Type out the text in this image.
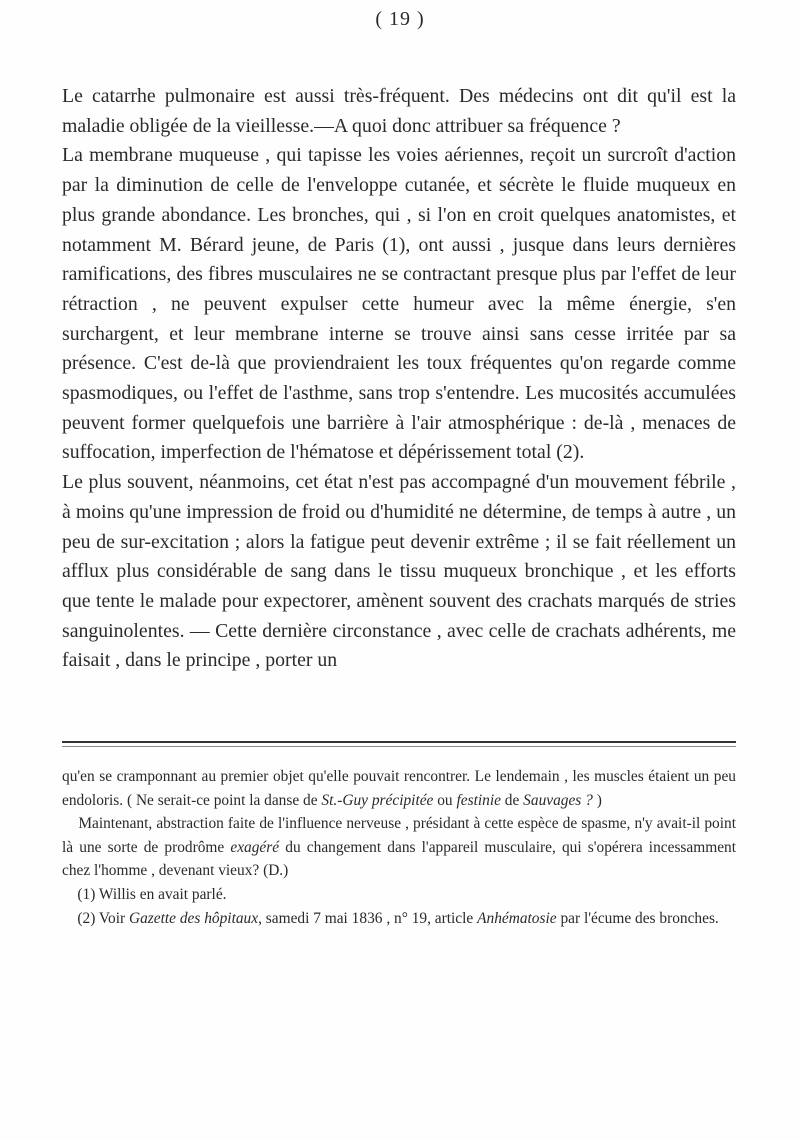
( 19 )

Le catarrhe pulmonaire est aussi très-fréquent. Des médecins ont dit qu'il est la maladie obligée de la vieillesse.—A quoi donc attribuer sa fréquence ?

La membrane muqueuse , qui tapisse les voies aériennes, reçoit un surcroît d'action par la diminution de celle de l'enveloppe cutanée, et sécrète le fluide muqueux en plus grande abondance. Les bronches, qui , si l'on en croit quelques anatomistes, et notamment M. Bérard jeune, de Paris (1), ont aussi , jusque dans leurs dernières ramifications, des fibres musculaires ne se contractant presque plus par l'effet de leur rétraction , ne peuvent expulser cette humeur avec la même énergie, s'en surchargent, et leur membrane interne se trouve ainsi sans cesse irritée par sa présence. C'est de-là que proviendraient les toux fréquentes qu'on regarde comme spasmodiques, ou l'effet de l'asthme, sans trop s'entendre. Les mucosités accumulées peuvent former quelquefois une barrière à l'air atmosphérique : de-là , menaces de suffocation, imperfection de l'hématose et dépérissement total (2).

Le plus souvent, néanmoins, cet état n'est pas accompagné d'un mouvement fébrile , à moins qu'une impression de froid ou d'humidité ne détermine, de temps à autre , un peu de sur-excitation ; alors la fatigue peut devenir extrême ; il se fait réellement un afflux plus considérable de sang dans le tissu muqueux bronchique , et les efforts que tente le malade pour expectorer, amènent souvent des crachats marqués de stries sanguinolentes. — Cette dernière circonstance , avec celle de crachats adhérents, me faisait , dans le principe , porter un

qu'en se cramponnant au premier objet qu'elle pouvait rencontrer. Le lendemain , les muscles étaient un peu endoloris. ( Ne serait-ce point la danse de St.-Guy précipitée ou festinie de Sauvages ? )

Maintenant, abstraction faite de l'influence nerveuse , présidant à cette espèce de spasme, n'y avait-il point là une sorte de prodrôme exagéré du changement dans l'appareil musculaire, qui s'opérera incessamment chez l'homme , devenant vieux? (D.)

(1) Willis en avait parlé.

(2) Voir Gazette des hôpitaux, samedi 7 mai 1836 , n° 19, article Anhématosie par l'écume des bronches.
